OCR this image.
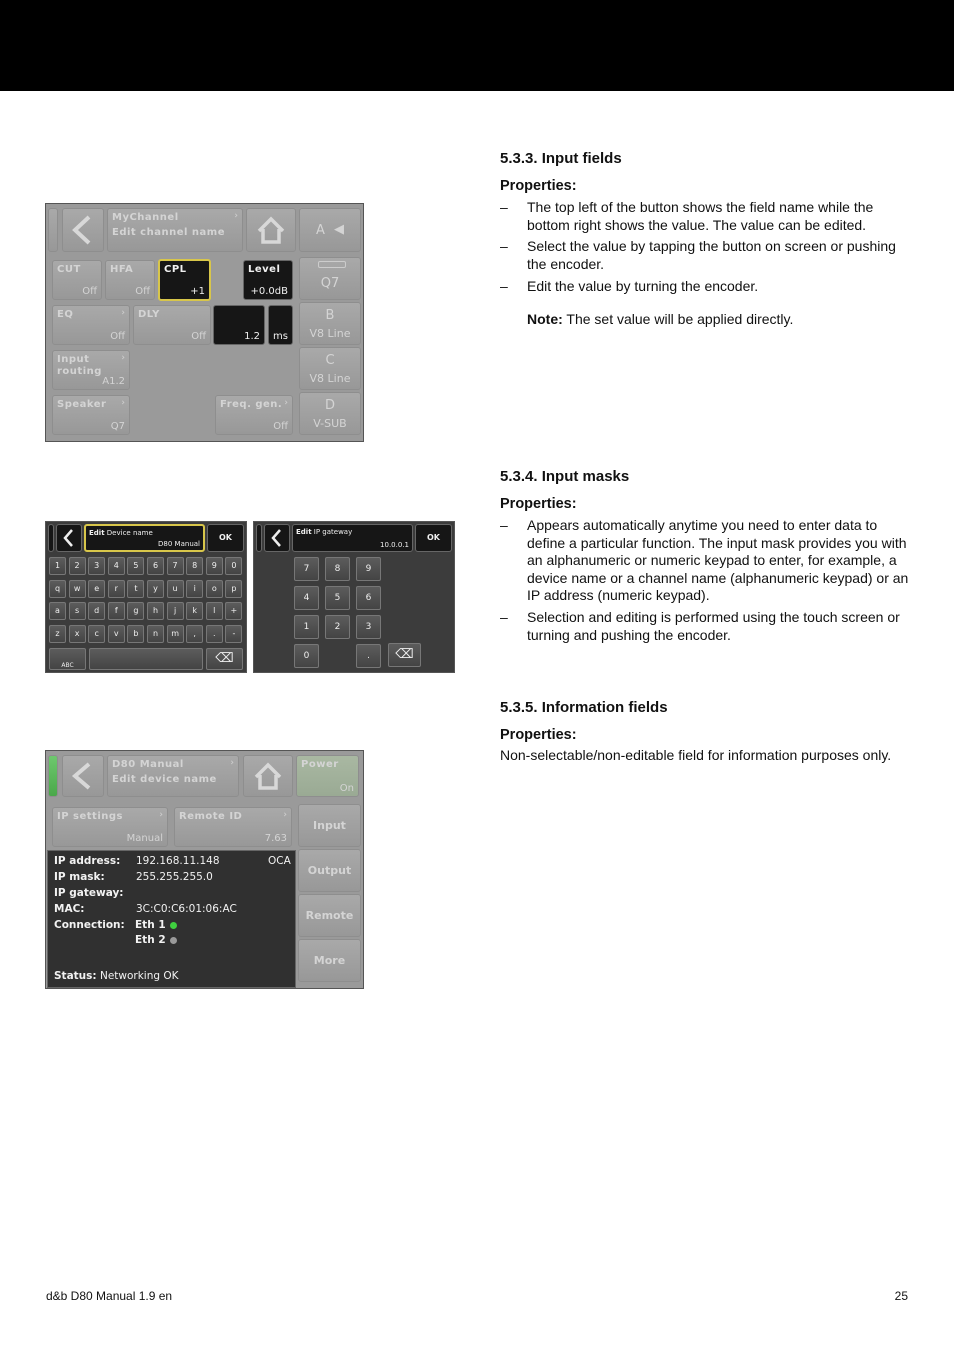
5.3.3. Input fields
Properties:
– The top left of the button shows the field name while the bottom right shows the value. The value can be edited.
– Select the value by tapping the button on screen or pushing the encoder.
– Edit the value by turning the encoder.
Note: The set value will be applied directly.
5.3.4. Input masks
Properties:
– Appears automatically anytime you need to enter data to define a particular function. The input mask provides you with an alphanumeric or numeric keypad to enter, for example, a device name or a channel name (alphanumeric keypad) or an IP address (numeric keypad).
– Selection and editing is performed using the touch screen or turning and pushing the encoder.
5.3.5. Information fields
Properties:
Non-selectable/non-editable field for information purposes only.
MyChannel	›
Edit channel name	A ◀
CUT
Off
HFA
Off
CPL
+1
Level
+0.0dB
EQ	›
Off
DLY
Off	1.2 ms
Input routing
›
A1.2
Speaker ›
Q7
Freq. gen. ›
Off
Q7
B
V8 Line
C
V8 Line
D
V-SUB
Edit Device name
D80 Manual
OK
1	2	3	4	5	6	7	8	9	0
q	w	e	r	t	y	u	i	o	p
a	s	d	f	g	h	j	k	l	+
z	x	c	v	b	n	m	,	.	-
ABC	⌫
Edit IP gateway
10.0.0.1
OK
7	8	9
4	5	6
1	2	3
0	.	⌫
D80 Manual	›
Edit device name
Power
On
IP settings	›
Manual
Remote ID	›
7.63
Input
Output
Remote
More
IP address: 192.168.11.148	OCA
IP mask:	255.255.255.0
IP gateway:
MAC:	3C:C0:C6:01:06:AC
Connection: Eth 1
Eth 2
Status: Networking OK
d&b D80 Manual 1.9 en	25
